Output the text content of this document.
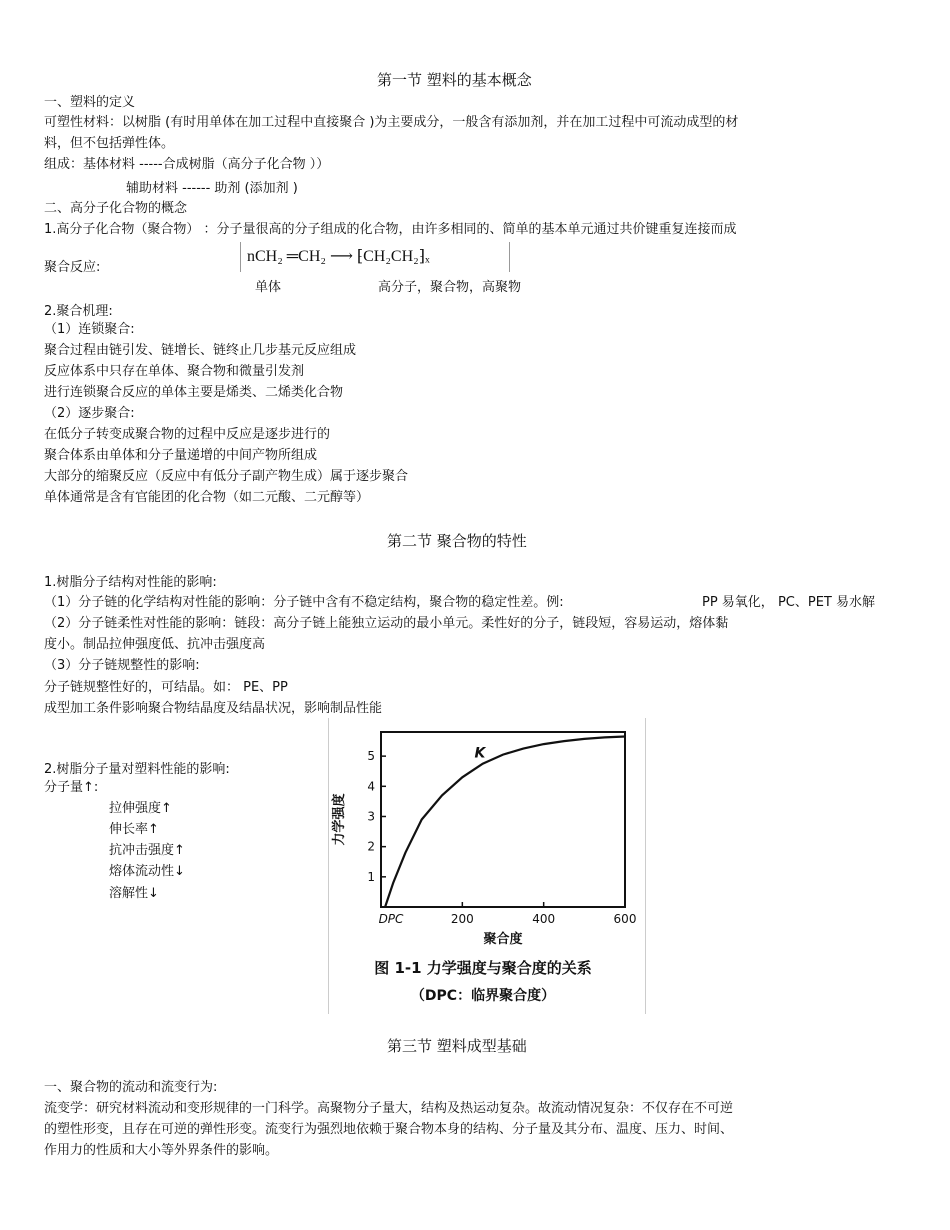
第一节 塑料的基本概念
一、塑料的定义
可塑性材料：以树脂 (有时用单体在加工过程中直接聚合 )为主要成分，一般含有添加剂，并在加工过程中可流动成型的材
料，但不包括弹性体。
组成：基体材料 -----合成树脂（高分子化合物 ））
辅助材料 ------ 助剂 (添加剂 )
二、高分子化合物的概念
1.高分子化合物（聚合物） ：分子量很高的分子组成的化合物，由许多相同的、简单的基本单元通过共价键重复连接而成
聚合反应:
nCH₂ ═CH₂ ⟶ ⁅CH₂CH₂⁆ₓ
单体	高分子，聚合物，高聚物
2.聚合机理:
（1）连锁聚合:
聚合过程由链引发、链增长、链终止几步基元反应组成
反应体系中只存在单体、聚合物和微量引发剂
进行连锁聚合反应的单体主要是烯类、二烯类化合物
（2）逐步聚合:
在低分子转变成聚合物的过程中反应是逐步进行的
聚合体系由单体和分子量递增的中间产物所组成
大部分的缩聚反应（反应中有低分子副产物生成）属于逐步聚合
单体通常是含有官能团的化合物（如二元酸、二元醇等）
第二节 聚合物的特性
1.树脂分子结构对性能的影响:
（1）分子链的化学结构对性能的影响：分子链中含有不稳定结构，聚合物的稳定性差。例:	PP 易氧化， PC、PET 易水解
（2）分子链柔性对性能的影响：链段：高分子链上能独立运动的最小单元。柔性好的分子，链段短，容易运动，熔体黏
度小。制品拉伸强度低、抗冲击强度高
（3）分子链规整性的影响:
分子链规整性好的，可结晶。如： PE、PP
成型加工条件影响聚合物结晶度及结晶状况，影响制品性能
2.树脂分子量对塑料性能的影响:
分子量↑:
拉伸强度↑
伸长率↑
抗冲击强度↑
熔体流动性↓
溶解性↓
1
2
3
4
5
DPC	200	400	600
K
聚合度
力学强度
图 1-1 力学强度与聚合度的关系
（DPC：临界聚合度）
第三节 塑料成型基础
一、聚合物的流动和流变行为:
流变学：研究材料流动和变形规律的一门科学。高聚物分子量大，结构及热运动复杂。故流动情况复杂：不仅存在不可逆
的塑性形变，且存在可逆的弹性形变。流变行为强烈地依赖于聚合物本身的结构、分子量及其分布、温度、压力、时间、
作用力的性质和大小等外界条件的影响。
